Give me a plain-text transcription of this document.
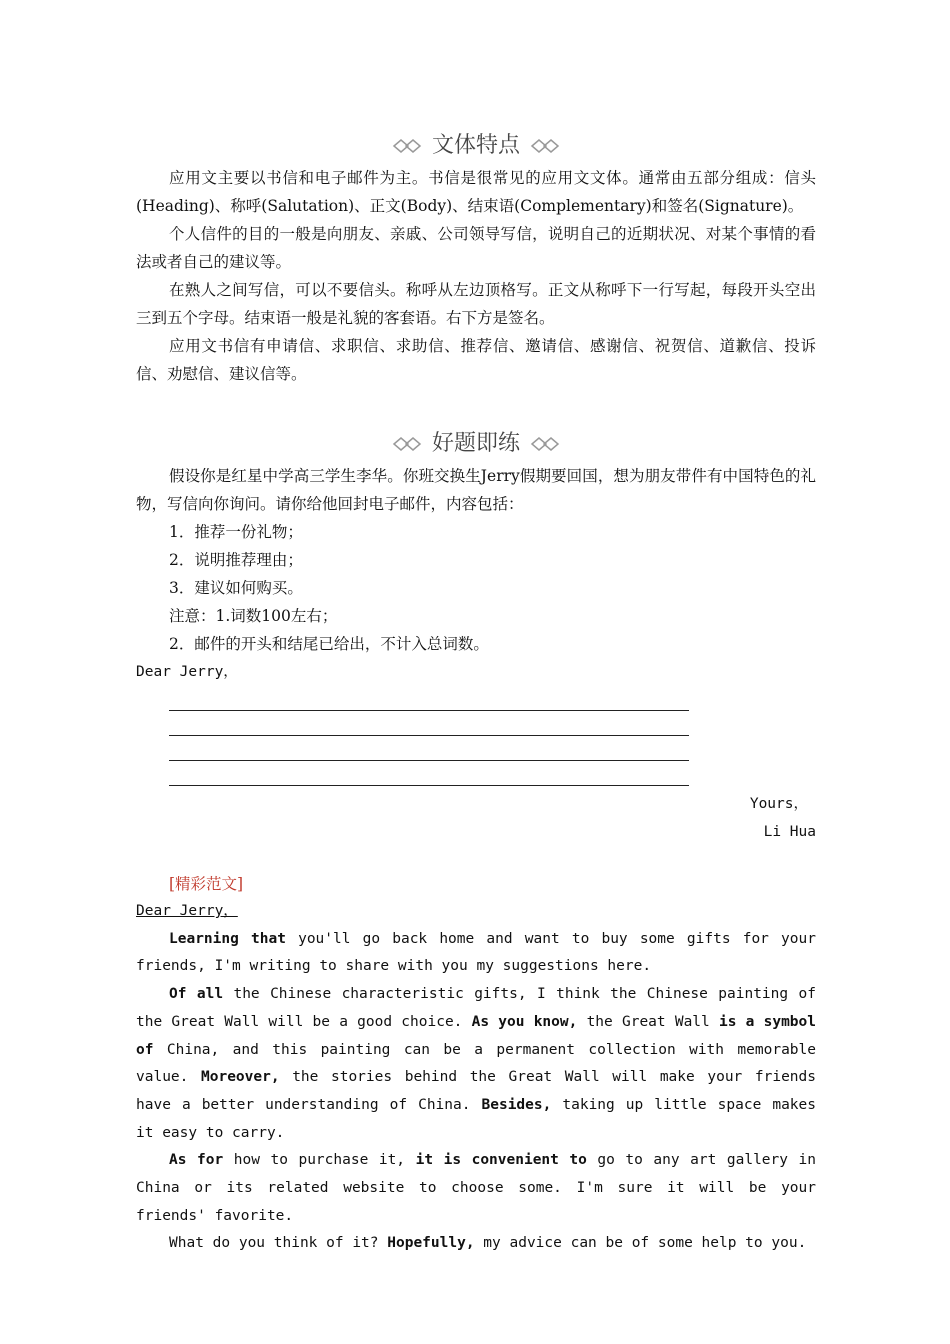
文体特点

应用文主要以书信和电子邮件为主。书信是很常见的应用文文体。通常由五部分组成：信头(Heading)、称呼(Salutation)、正文(Body)、结束语(Complementary)和签名(Signature)。

个人信件的目的一般是向朋友、亲戚、公司领导写信，说明自己的近期状况、对某个事情的看法或者自己的建议等。

在熟人之间写信，可以不要信头。称呼从左边顶格写。正文从称呼下一行写起，每段开头空出三到五个字母。结束语一般是礼貌的客套语。右下方是签名。

应用文书信有申请信、求职信、求助信、推荐信、邀请信、感谢信、祝贺信、道歉信、投诉信、劝慰信、建议信等。

好题即练

假设你是红星中学高三学生李华。你班交换生Jerry假期要回国，想为朋友带件有中国特色的礼物，写信向你询问。请你给他回封电子邮件，内容包括：

1．推荐一份礼物；

2．说明推荐理由；

3．建议如何购买。

注意：1.词数100左右；

2．邮件的开头和结尾已给出，不计入总词数。

Dear Jerry，

Yours，
Li Hua
[精彩范文]

Dear Jerry，

Learning that you'll go back home and want to buy some gifts for your friends, I'm writing to share with you my suggestions here.

Of all the Chinese characteristic gifts, I think the Chinese painting of the Great Wall will be a good choice. As you know, the Great Wall is a symbol of China, and this painting can be a permanent collection with memorable value. Moreover, the stories behind the Great Wall will make your friends have a better understanding of China. Besides, taking up little space makes it easy to carry.

As for how to purchase it, it is convenient to go to any art gallery in China or its related website to choose some. I'm sure it will be your friends' favorite.

What do you think of it? Hopefully, my advice can be of some help to you.
